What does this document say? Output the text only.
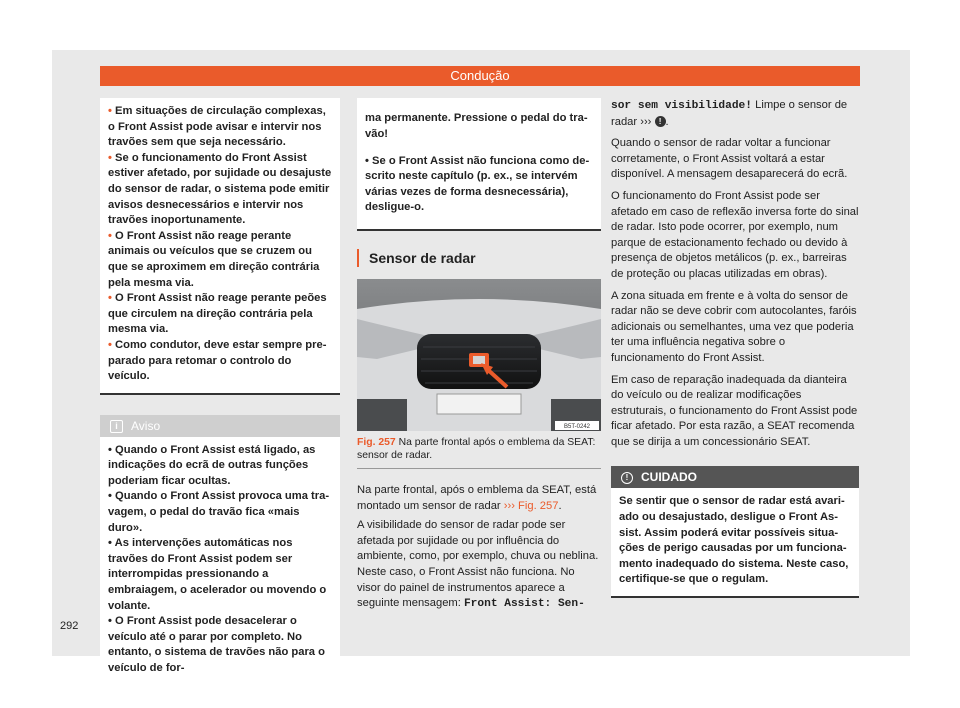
Condução

• Em situações de circulação complexas, o Front Assist pode avisar e intervir nos travões sem que seja necessário.

• Se o funcionamento do Front Assist estiver afetado, por sujidade ou desajuste do sensor de radar, o sistema pode emitir avisos desnecessários e intervir nos travões inoportunamente.

• O Front Assist não reage perante animais ou veículos que se cruzem ou que se aproximem em direção contrária pela mesma via.

• O Front Assist não reage perante peões que circulem na direção contrária pela mesma via.

• Como condutor, deve estar sempre preparado para retomar o controlo do veículo.

i Aviso

• Quando o Front Assist está ligado, as indicações do ecrã de outras funções poderiam ficar ocultas.

• Quando o Front Assist provoca uma travagem, o pedal do travão fica «mais duro».

• As intervenções automáticas nos travões do Front Assist podem ser interrompidas pressionando a embraiagem, o acelerador ou movendo o volante.

• O Front Assist pode desacelerar o veículo até o parar por completo. No entanto, o sistema de travões não para o veículo de for-

ma permanente. Pressione o pedal do travão!

• Se o Front Assist não funciona como descrito neste capítulo (p. ex., se intervém várias vezes de forma desnecessária), desligue-o.

Sensor de radar
B5T-0242
Fig. 257 Na parte frontal após o emblema da SEAT: sensor de radar.

Na parte frontal, após o emblema da SEAT, está montado um sensor de radar ››› Fig. 257.

A visibilidade do sensor de radar pode ser afetada por sujidade ou por influência do ambiente, como, por exemplo, chuva ou neblina. Neste caso, o Front Assist não funciona. No visor do painel de instrumentos aparece a seguinte mensagem: Front Assist: Sen-

sor sem visibilidade! Limpe o sensor de radar ››› ! .

Quando o sensor de radar voltar a funcionar corretamente, o Front Assist voltará a estar disponível. A mensagem desaparecerá do ecrã.

O funcionamento do Front Assist pode ser afetado em caso de reflexão inversa forte do sinal de radar. Isto pode ocorrer, por exemplo, num parque de estacionamento fechado ou devido à presença de objetos metálicos (p. ex., barreiras de proteção ou placas utilizadas em obras).

A zona situada em frente e à volta do sensor de radar não se deve cobrir com autocolantes, faróis adicionais ou semelhantes, uma vez que poderia ter uma influência negativa sobre o funcionamento do Front Assist.

Em caso de reparação inadequada da dianteira do veículo ou de realizar modificações estruturais, o funcionamento do Front Assist pode ficar afetado. Por esta razão, a SEAT recomenda que se dirija a um concessionário SEAT.

! CUIDADO

Se sentir que o sensor de radar está avariado ou desajustado, desligue o Front Assist. Assim poderá evitar possíveis situações de perigo causadas por um funcionamento inadequado do sistema. Neste caso, certifique-se que o regulam.

292
